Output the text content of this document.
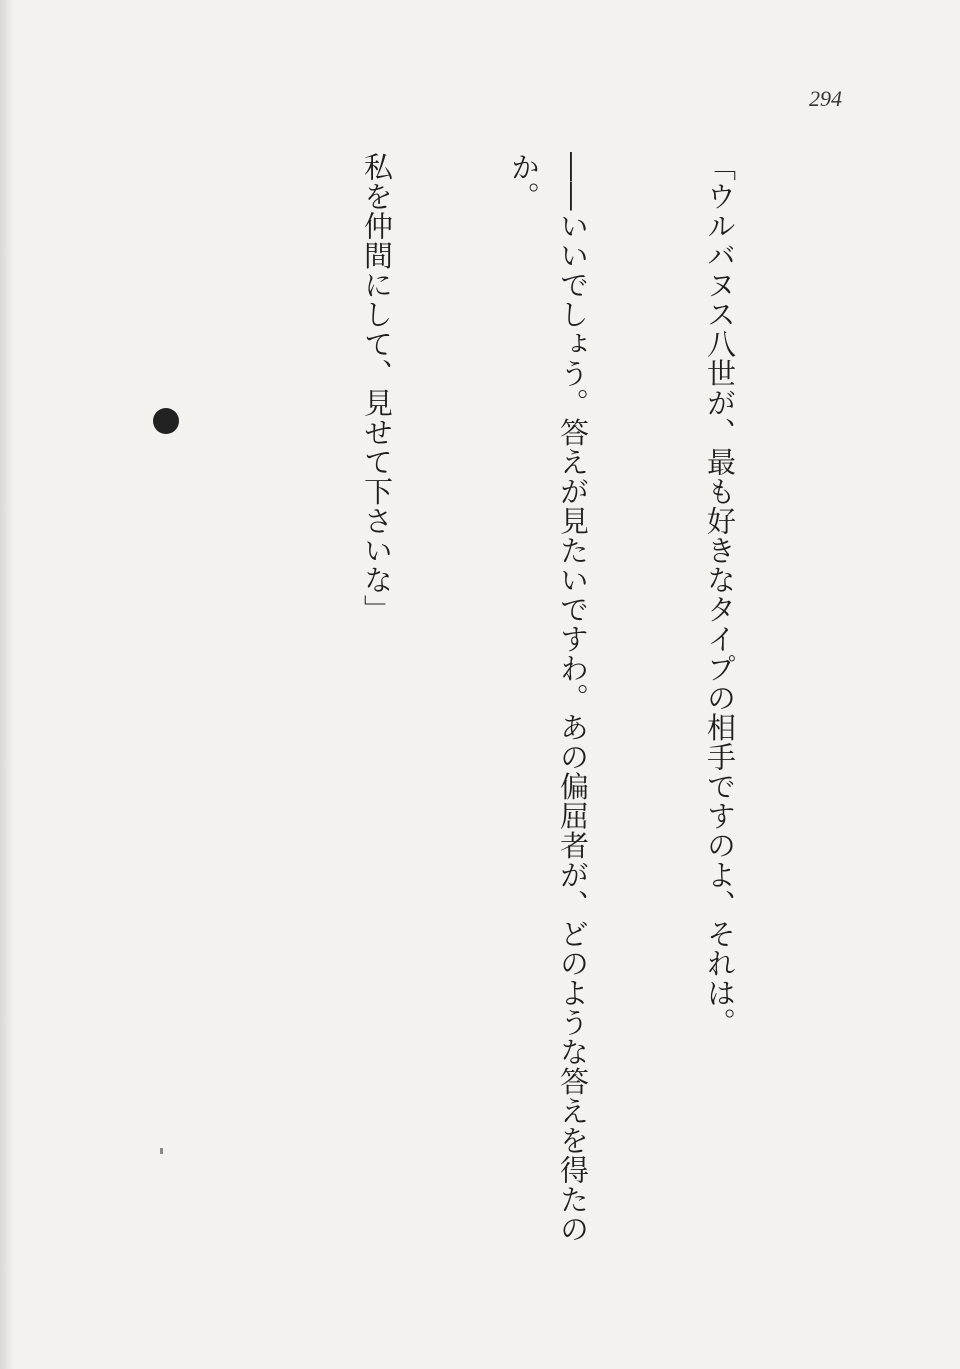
294

「ウルバヌス八世が、最も好きなタイプの相手ですのよ、それは。

――いいでしょう。答えが見たいですわ。あの偏屈者が、どのような答えを得たのか。

私を仲間にして、見せて下さいな」
